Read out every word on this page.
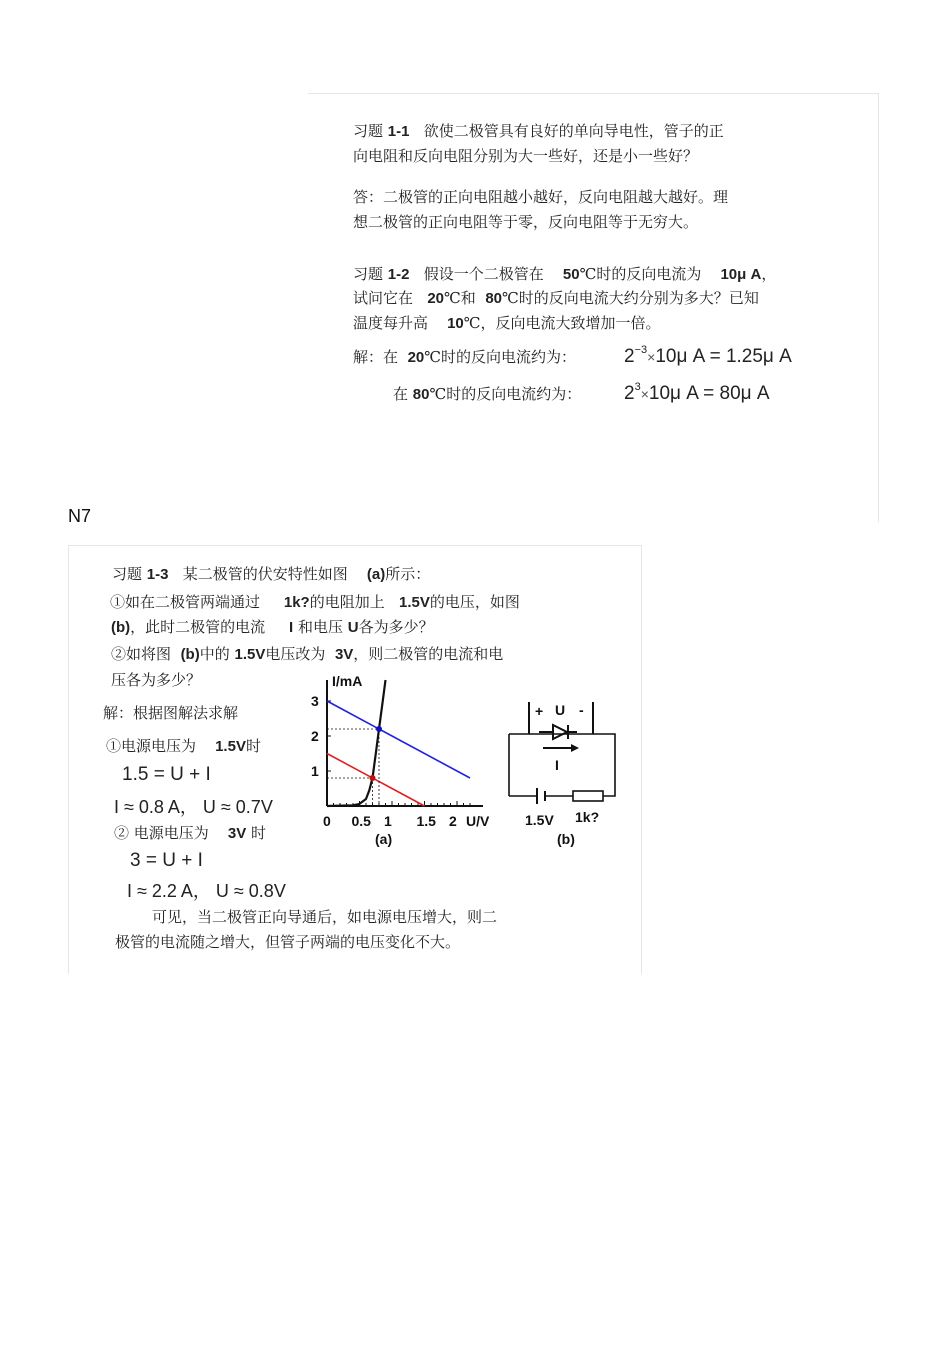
习题 1-1 欲使二极管具有良好的单向导电性，管子的正
向电阻和反向电阻分别为大一些好，还是小一些好？
答：二极管的正向电阻越小越好，反向电阻越大越好。理
想二极管的正向电阻等于零，反向电阻等于无穷大。
习题 1-2 假设一个二极管在 50℃时的反向电流为 10μ A，
试问它在 20℃和 80℃时的反向电流大约分别为多大？已知
温度每升高 10℃，反向电流大致增加一倍。
解：在 20℃时的反向电流约为：	$2^{-3}\times 10\mu$ A = 1.25μ A
在 80℃时的反向电流约为： $2^3\times 10\mu$ A = 80μ A
N7
习题 1-3 某二极管的伏安特性如图 (a)所示：
①如在二极管两端通过 1k?的电阻加上 1.5V的电压，如图
(b)，此时二极管的电流 I 和电压 U各为多少？
②如将图 (b)中的 1.5V电压改为 3V，则二极管的电流和电
压各为多少？
解：根据图解法求解
①电源电压为 1.5V时
1.5 = U + I
I ≈ 0.8 A， U ≈ 0.7V
② 电源电压为 3V 时
3 = U + I
I ≈ 2.2 A， U ≈ 0.8V
可见，当二极管正向导通后，如电源电压增大，则二
极管的电流随之增大，但管子两端的电压变化不大。
0 0.5 1 1.5 2
1
2
3
I/mA
U/V
(a)
+ U -
I
1.5V 1k?
(b)
